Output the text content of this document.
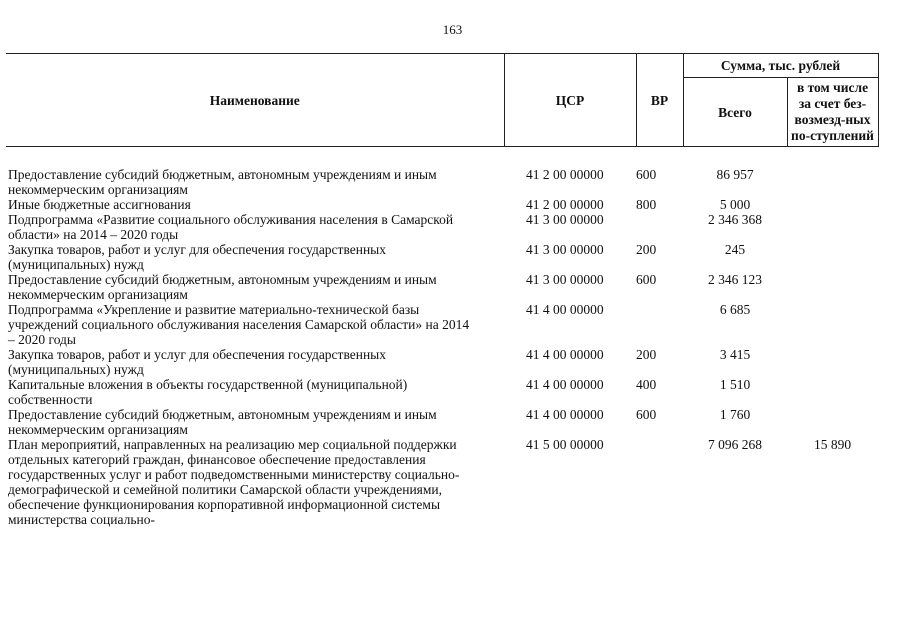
163
Наименование	ЦСР	ВР	Сумма, тыс. рублей	
			Всего	в том числе за счет без-возмезд-ных по-ступлений

Предоставление субсидий бюджетным, автономным учреждениям и иным некоммерческим организациям	41 2 00 00000	600	86 957	
Иные бюджетные ассигнования	41 2 00 00000	800	5 000	
Подпрограмма «Развитие социального обслуживания населения в Самарской области» на 2014 – 2020 годы	41 3 00 00000		2 346 368	
Закупка товаров, работ и услуг для обеспечения государственных (муниципальных) нужд	41 3 00 00000	200	245	
Предоставление субсидий бюджетным, автономным учреждениям и иным некоммерческим организациям	41 3 00 00000	600	2 346 123	
Подпрограмма «Укрепление и развитие материально-технической базы учреждений социального обслуживания населения Самарской области» на 2014 – 2020 годы	41 4 00 00000		6 685	
Закупка товаров, работ и услуг для обеспечения государственных (муниципальных) нужд	41 4 00 00000	200	3 415	
Капитальные вложения в объекты государственной (муниципальной) собственности	41 4 00 00000	400	1 510	
Предоставление субсидий бюджетным, автономным учреждениям и иным некоммерческим организациям	41 4 00 00000	600	1 760	
План мероприятий, направленных на реализацию мер социальной поддержки отдельных категорий граждан, финансовое обеспечение предоставления государственных услуг и работ подведомственными министерству социально-демографической и семейной политики Самарской области учреждениями, обеспечение функционирования корпоративной информационной системы министерства социально-	41 5 00 00000		7 096 268	15 890
